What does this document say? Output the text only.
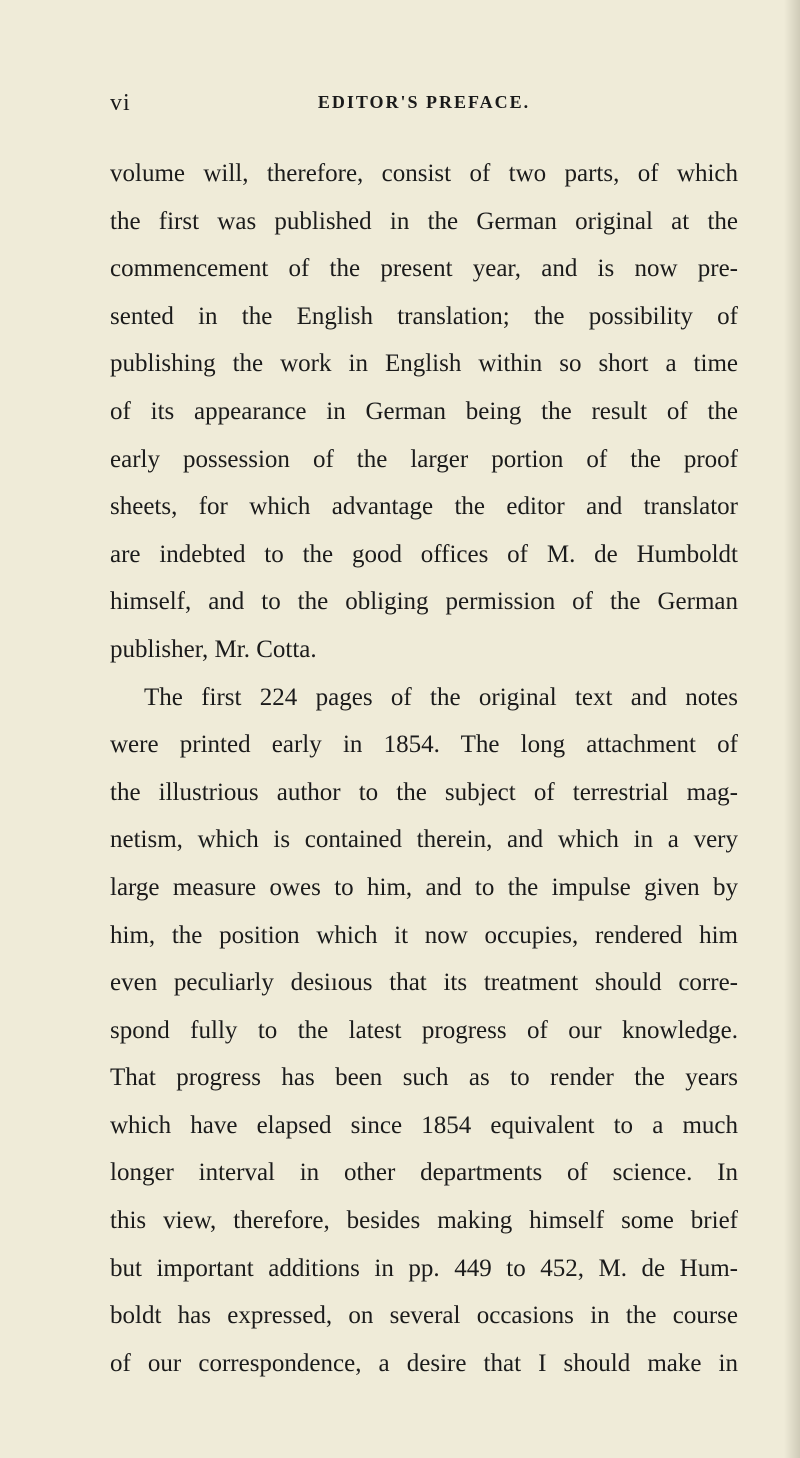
vi	EDITOR'S PREFACE.
volume will, therefore, consist of two parts, of which
the first was published in the German original at the
commencement of the present year, and is now pre-
sented in the English translation; the possibility of
publishing the work in English within so short a time
of its appearance in German being the result of the
early possession of the larger portion of the proof
sheets, for which advantage the editor and translator
are indebted to the good offices of M. de Humboldt
himself, and to the obliging permission of the German
publisher, Mr. Cotta.
The first 224 pages of the original text and notes
were printed early in 1854. The long attachment of
the illustrious author to the subject of terrestrial mag-
netism, which is contained therein, and which in a very
large measure owes to him, and to the impulse given by
him, the position which it now occupies, rendered him
even peculiarly desiıous that its treatment should corre-
spond fully to the latest progress of our knowledge.
That progress has been such as to render the years
which have elapsed since 1854 equivalent to a much
longer interval in other departments of science. In
this view, therefore, besides making himself some brief
but important additions in pp. 449 to 452, M. de Hum-
boldt has expressed, on several occasions in the course
of our correspondence, a desire that I should make in
